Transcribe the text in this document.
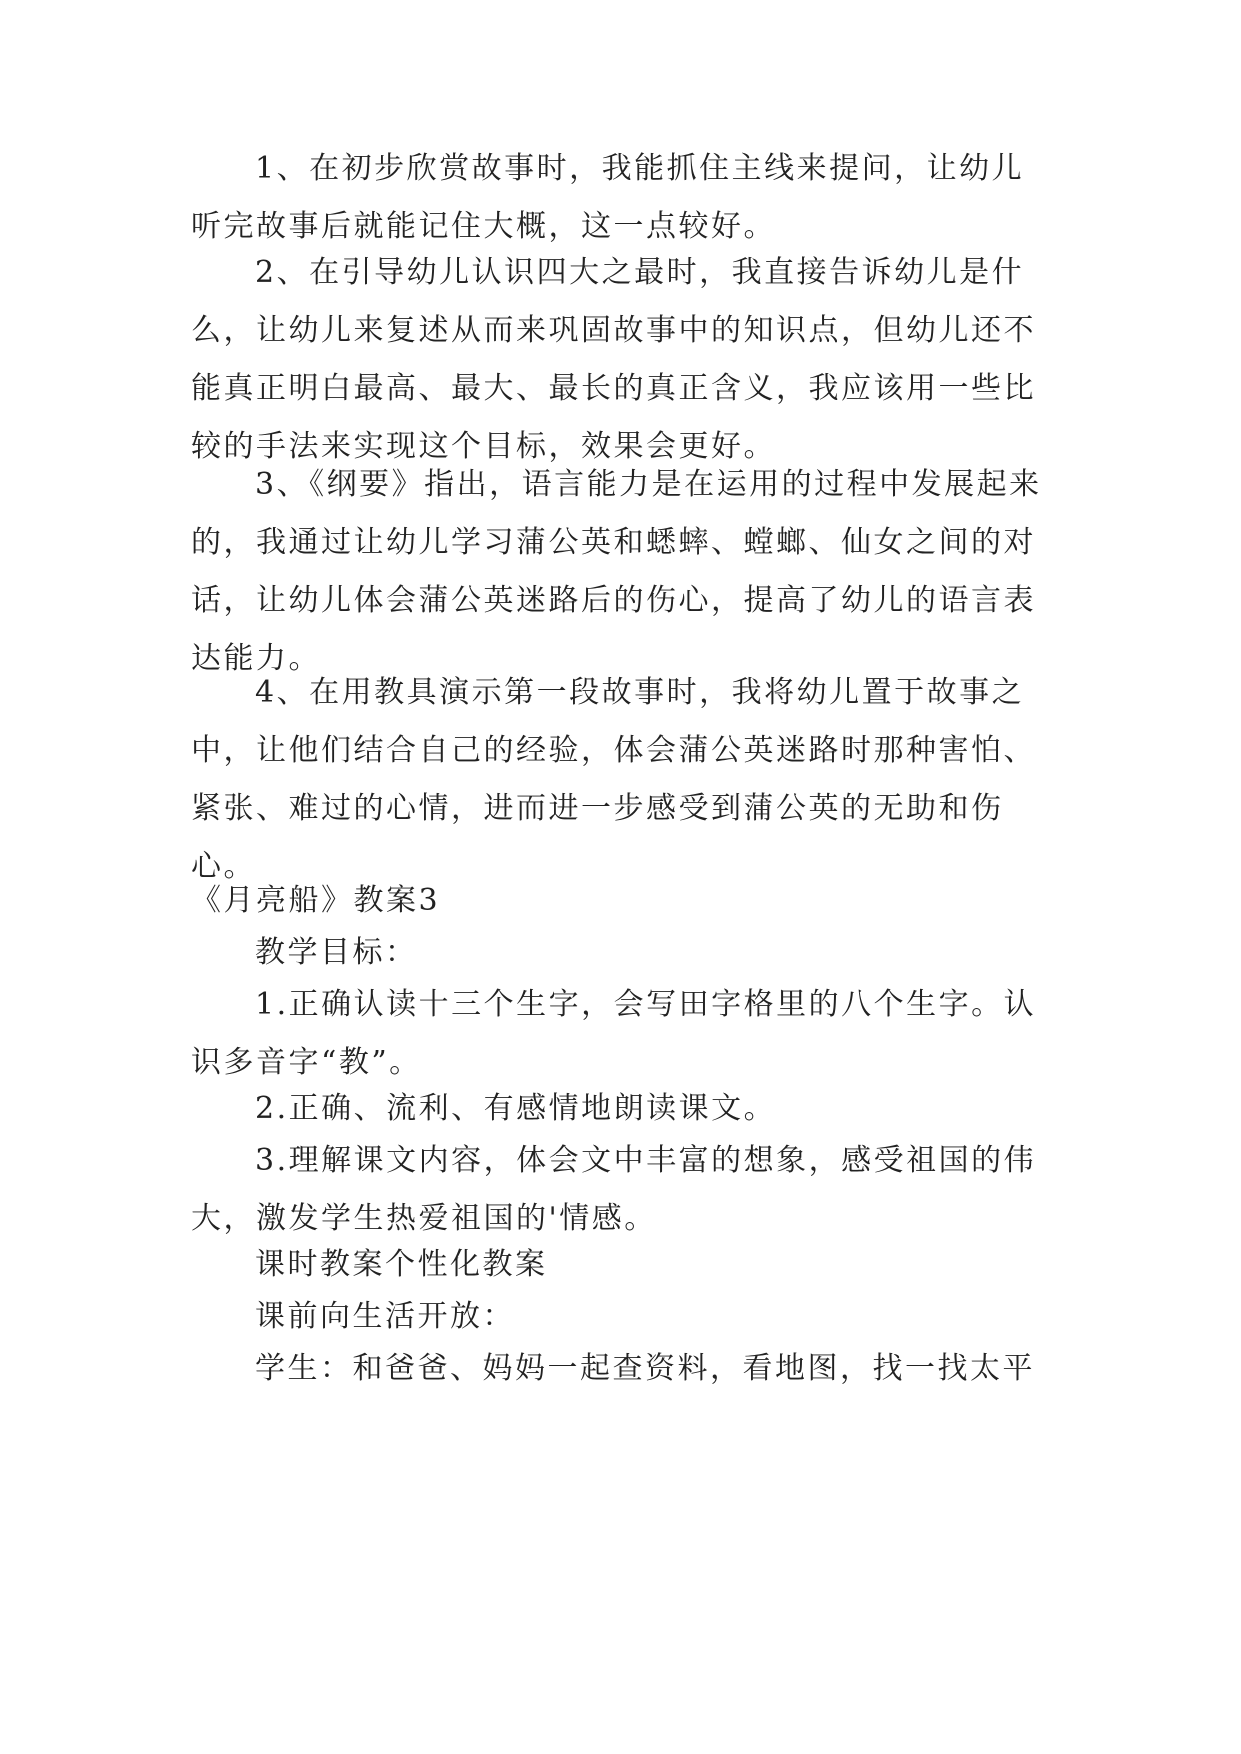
1、在初步欣赏故事时，我能抓住主线来提问，让幼儿听完故事后就能记住大概，这一点较好。

2、在引导幼儿认识四大之最时，我直接告诉幼儿是什么，让幼儿来复述从而来巩固故事中的知识点，但幼儿还不能真正明白最高、最大、最长的真正含义，我应该用一些比较的手法来实现这个目标，效果会更好。

3、《纲要》指出，语言能力是在运用的过程中发展起来的，我通过让幼儿学习蒲公英和蟋蟀、螳螂、仙女之间的对话，让幼儿体会蒲公英迷路后的伤心，提高了幼儿的语言表达能力。

4、在用教具演示第一段故事时，我将幼儿置于故事之中，让他们结合自己的经验，体会蒲公英迷路时那种害怕、紧张、难过的心情，进而进一步感受到蒲公英的无助和伤心。

《月亮船》教案3
教学目标：

1.正确认读十三个生字，会写田字格里的八个生字。认识多音字“教”。

2.正确、流利、有感情地朗读课文。

3.理解课文内容，体会文中丰富的想象，感受祖国的伟大，激发学生热爱祖国的'情感。

课时教案个性化教案
课前向生活开放：
学生：和爸爸、妈妈一起查资料，看地图，找一找太平
